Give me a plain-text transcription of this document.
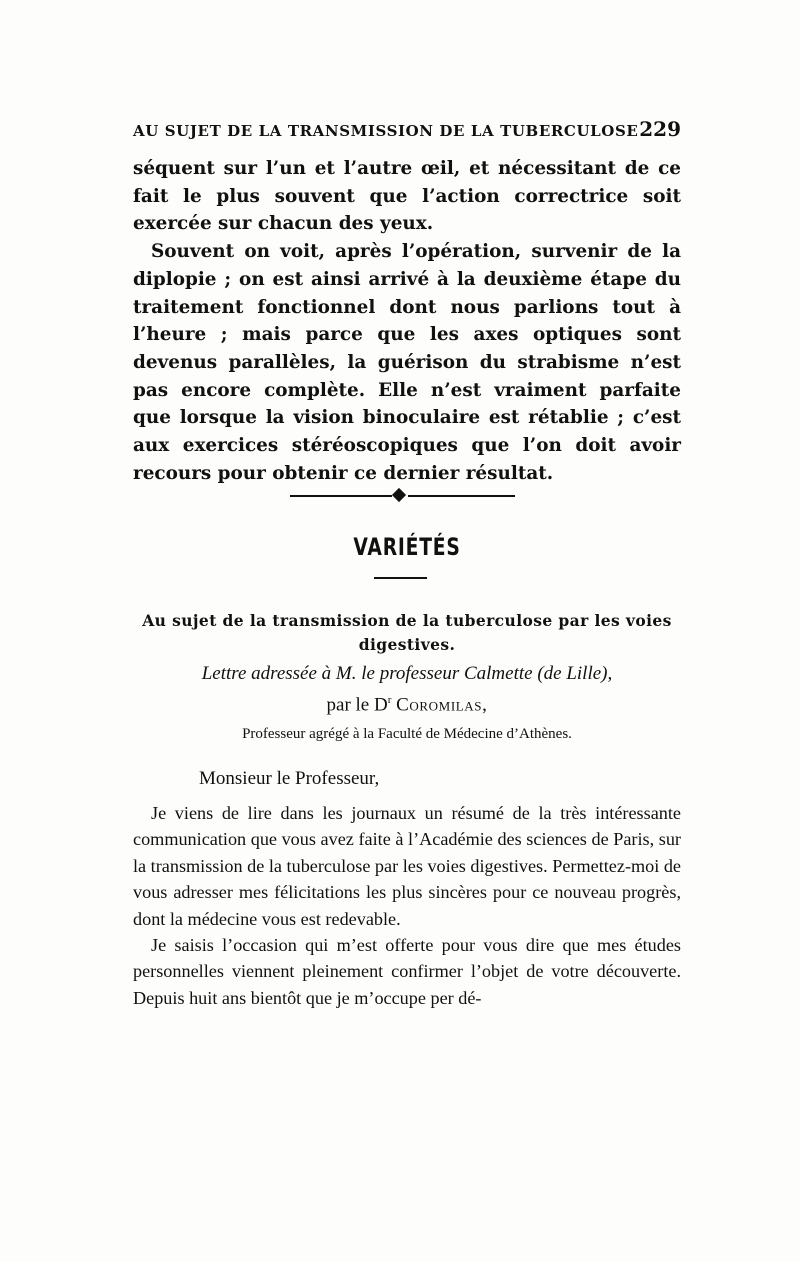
AU SUJET DE LA TRANSMISSION DE LA TUBERCULOSE 229

séquent sur l’un et l’autre œil, et nécessitant de ce fait le plus souvent que l’action correctrice soit exercée sur chacun des yeux.

Souvent on voit, après l’opération, survenir de la diplopie ; on est ainsi arrivé à la deuxième étape du traitement fonctionnel dont nous parlions tout à l’heure ; mais parce que les axes optiques sont devenus parallèles, la guérison du strabisme n’est pas encore complète. Elle n’est vraiment parfaite que lorsque la vision binoculaire est rétablie ; c’est aux exercices stéréoscopiques que l’on doit avoir recours pour obtenir ce dernier résultat.

VARIÉTÉS
Au sujet de la transmission de la tuberculose par les voies digestives.
Lettre adressée à M. le professeur Calmette (de Lille),
par le $D^r$ Coromilas,
Professeur agrégé à la Faculté de Médecine d’Athènes.
Monsieur le Professeur,

Je viens de lire dans les journaux un résumé de la très intéressante communication que vous avez faite à l’Académie des sciences de Paris, sur la transmission de la tuberculose par les voies digestives. Permettez-moi de vous adresser mes félicitations les plus sincères pour ce nouveau progrès, dont la médecine vous est redevable.

Je saisis l’occasion qui m’est offerte pour vous dire que mes études personnelles viennent pleinement confirmer l’objet de votre découverte. Depuis huit ans bientôt que je m’occupe per dé-
